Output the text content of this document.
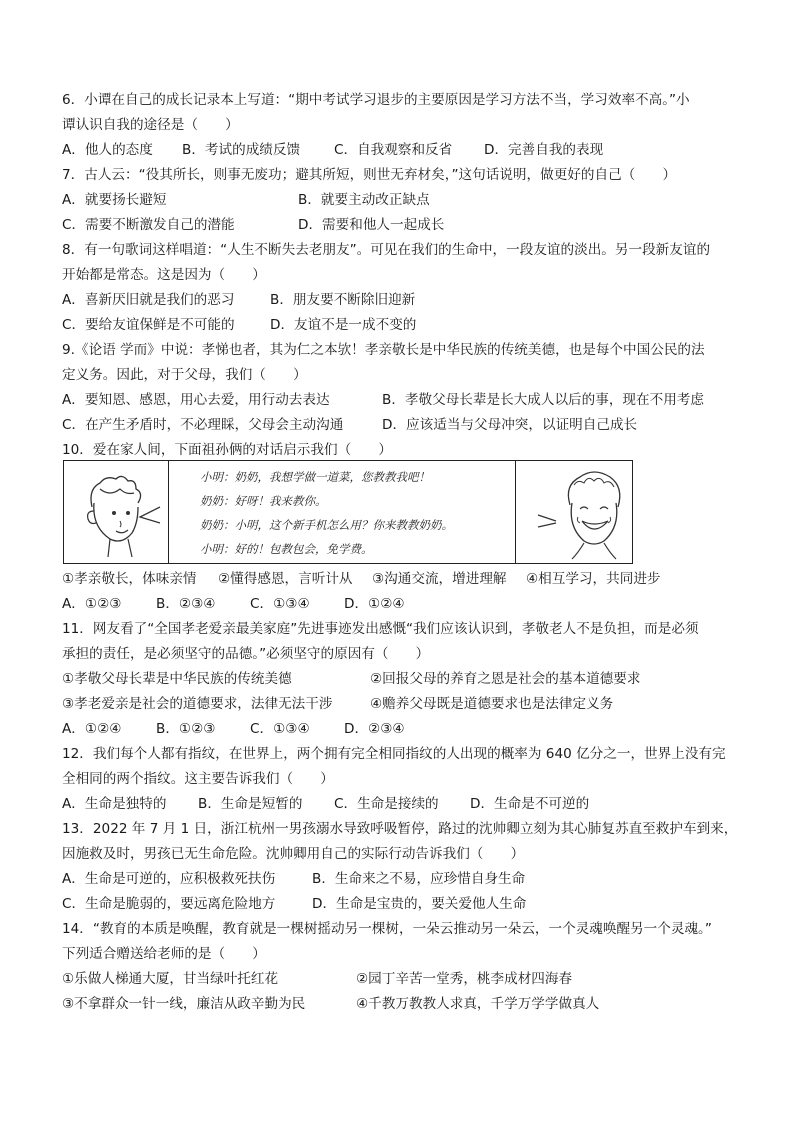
6．小谭在自己的成长记录本上写道：“期中考试学习退步的主要原因是学习方法不当，学习效率不高。”小
谭认识自我的途径是（　　）
A．他人的态度 B．考试的成绩反馈 C．自我观察和反省 D．完善自我的表现
7．古人云：“役其所长，则事无废功；避其所短，则世无弃材矣，”这句话说明，做更好的自己（　　）
A．就要扬长避短	B．就要主动改正缺点
C．需要不断激发自己的潜能	D．需要和他人一起成长
8．有一句歌词这样唱道：“人生不断失去老朋友”。可见在我们的生命中，一段友谊的淡出。另一段新友谊的
开始都是常态。这是因为（　　）
A．喜新厌旧就是我们的恶习	B．朋友要不断除旧迎新
C．要给友谊保鲜是不可能的	D．友谊不是一成不变的
9.《论语 学而》中说：孝悌也者，其为仁之本欤！孝亲敬长是中华民族的传统美德，也是每个中国公民的法
定义务。因此，对于父母，我们（　　）
A．要知恩、感恩，用心去爱，用行动去表达	B．孝敬父母长辈是长大成人以后的事，现在不用考虑
C．在产生矛盾时，不必理睬，父母会主动沟通	D．应该适当与父母冲突，以证明自己成长
10．爱在家人间，下面祖孙俩的对话启示我们（　　）
小明：奶奶，我想学做一道菜，您教教我吧！
奶奶：好呀！我来教你。
奶奶：小明，这个新手机怎么用？你来教教奶奶。
小明：好的！包教包会，免学费。
①孝亲敬长，体味亲情 ②懂得感恩，言听计从 ③沟通交流，增进理解 ④相互学习，共同进步
A．①②③	B．②③④	C．①③④	D．①②④
11．网友看了“全国孝老爱亲最美家庭”先进事迹发出感慨“我们应该认识到，孝敬老人不是负担，而是必须
承担的责任，是必须坚守的品德。”必须坚守的原因有（　　）
①孝敬父母长辈是中华民族的传统美德	②回报父母的养育之恩是社会的基本道德要求
③孝老爱亲是社会的道德要求，法律无法干涉	④赡养父母既是道德要求也是法律定义务
A．①②④	B．①②③	C．①③④	D．②③④
12．我们每个人都有指纹，在世界上，两个拥有完全相同指纹的人出现的概率为 640 亿分之一，世界上没有完
全相同的两个指纹。这主要告诉我们（　　）
A．生命是独特的 B．生命是短暂的 C．生命是接续的 D．生命是不可逆的
13．2022 年 7 月 1 日，浙江杭州一男孩溺水导致呼吸暂停，路过的沈帅卿立刻为其心肺复苏直至救护车到来，
因施救及时，男孩已无生命危险。沈帅卿用自己的实际行动告诉我们（　　）
A．生命是可逆的，应积极救死扶伤	B．生命来之不易，应珍惜自身生命
C．生命是脆弱的，要远离危险地方	D．生命是宝贵的，要关爱他人生命
14．“教育的本质是唤醒，教育就是一棵树摇动另一棵树，一朵云推动另一朵云，一个灵魂唤醒另一个灵魂。”
下列适合赠送给老师的是（　　）
①乐做人梯通大厦，甘当绿叶托红花	②园丁辛苦一堂秀，桃李成材四海春
③不拿群众一针一线，廉洁从政辛勤为民	④千教万教教人求真，千学万学学做真人
